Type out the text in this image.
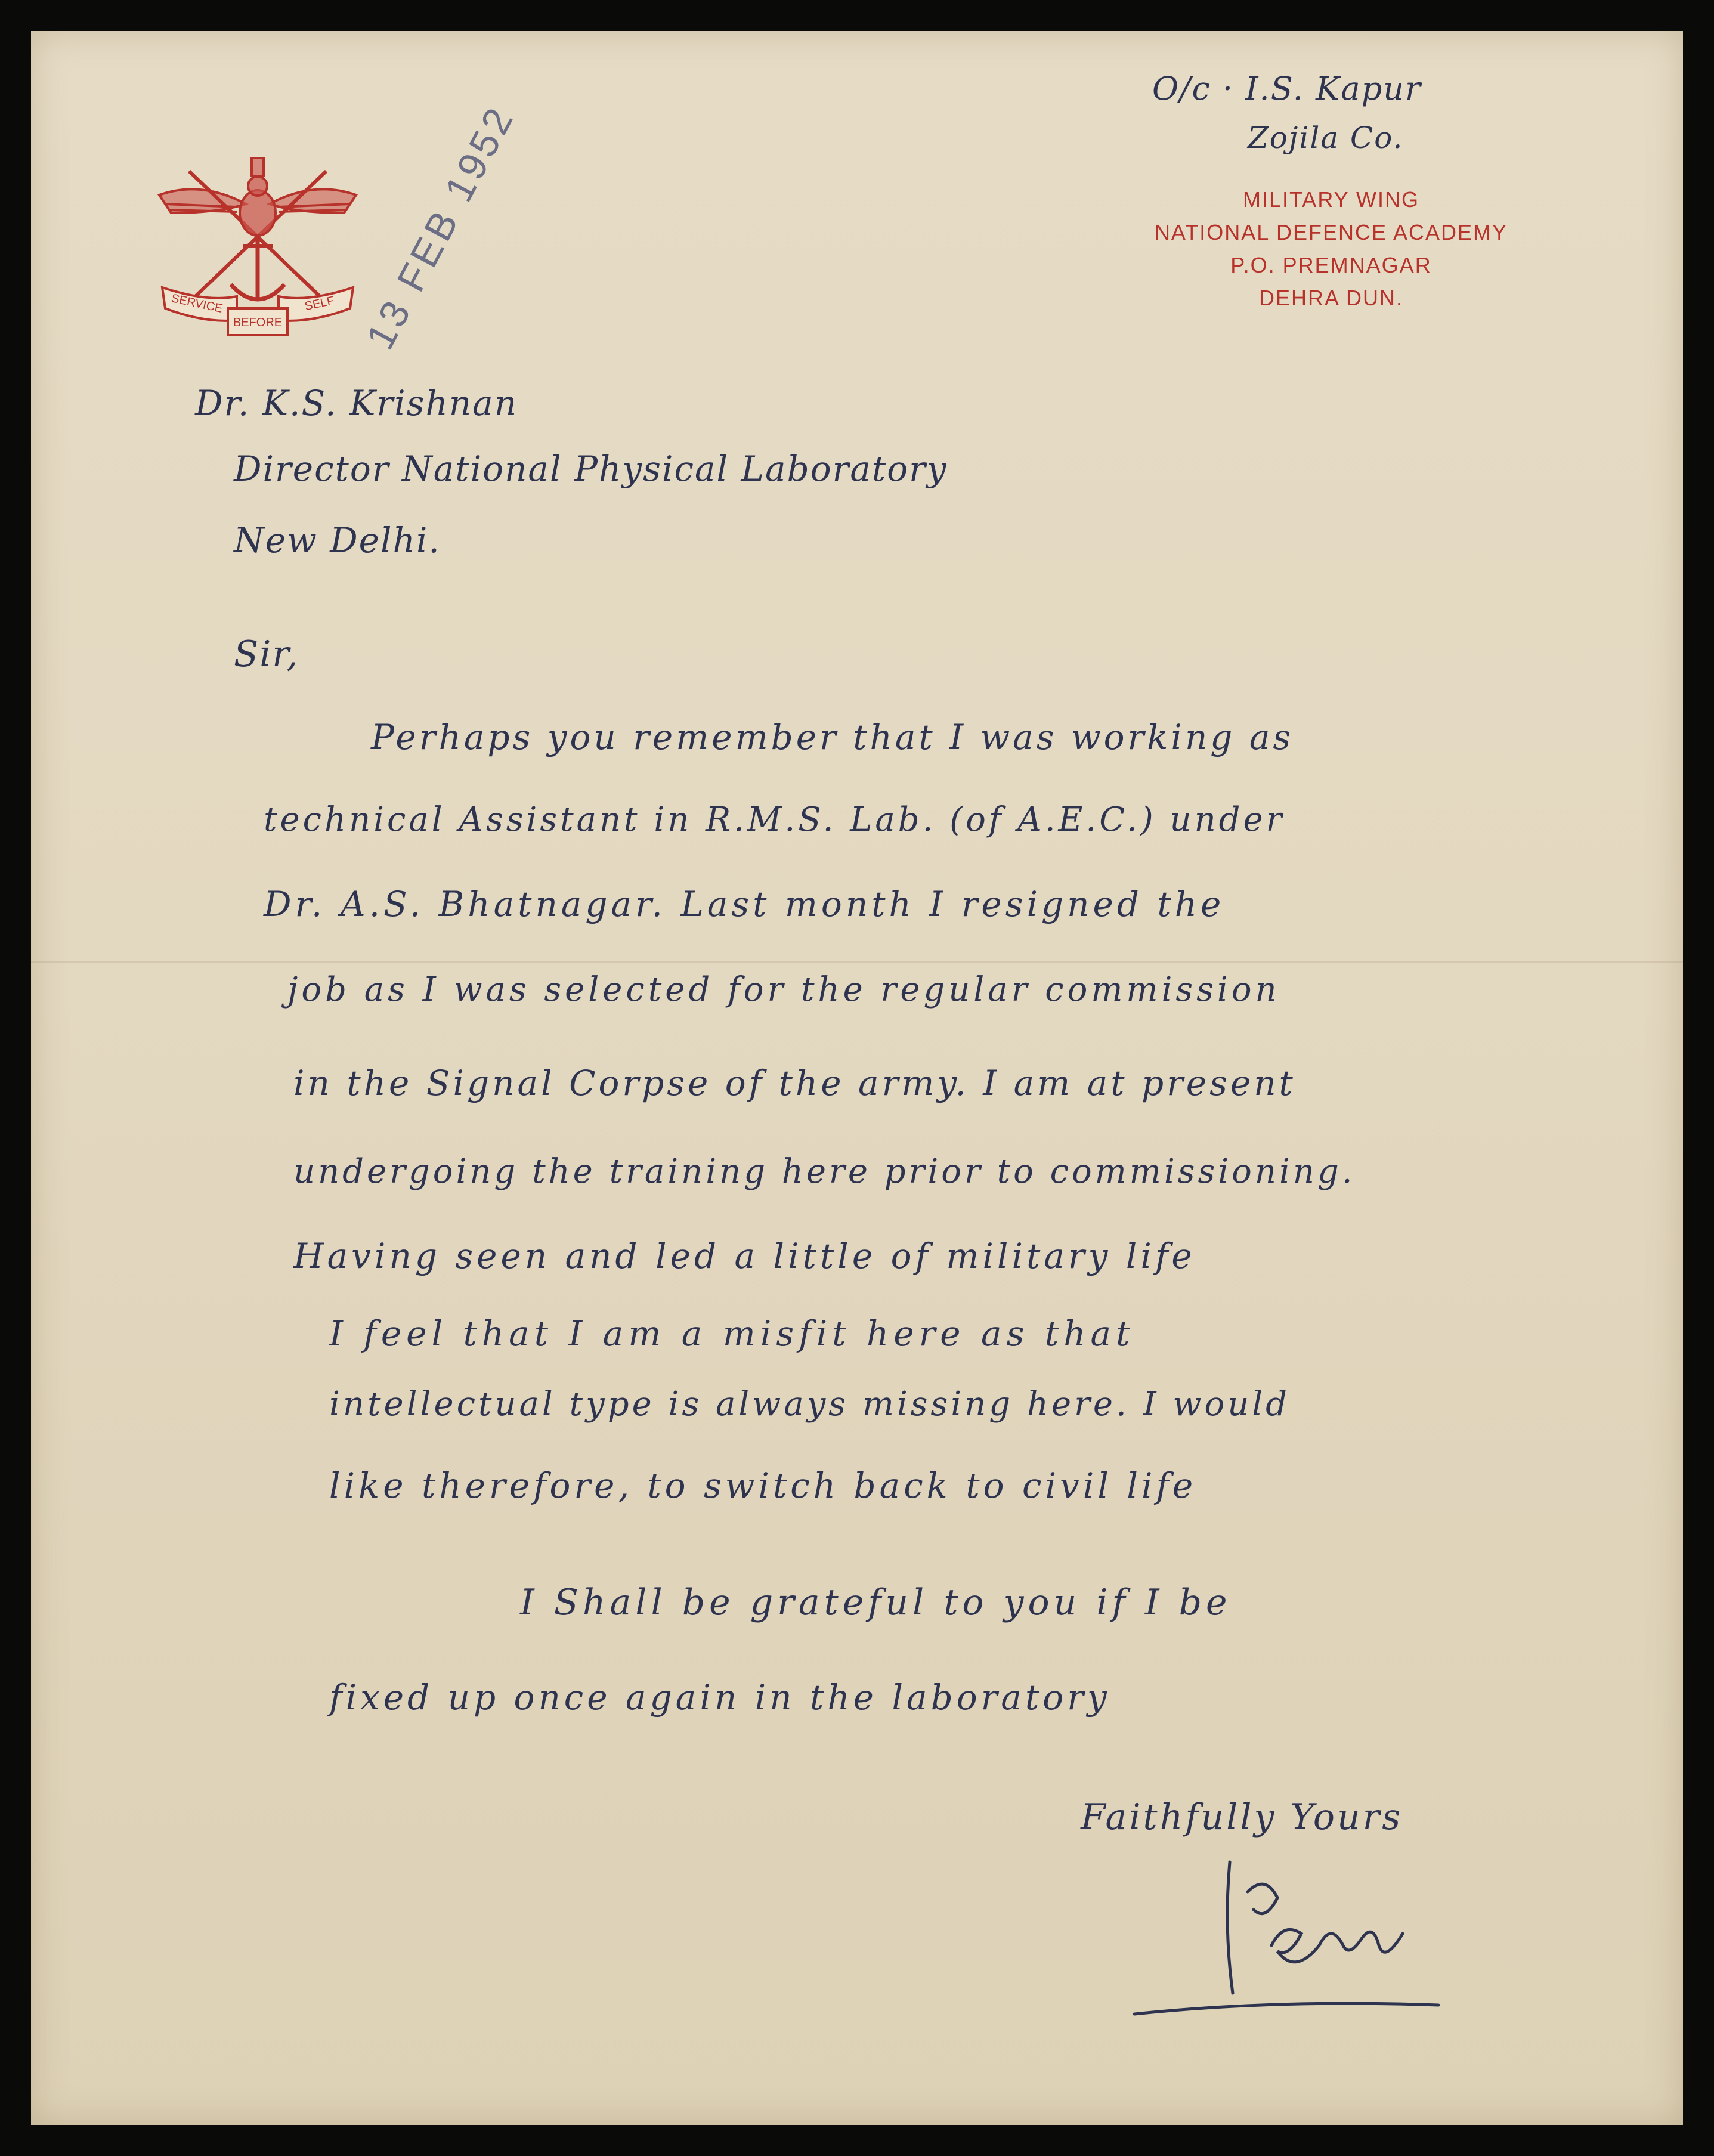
SERVICE
BEFORE
SELF 13 FEB 1952
O/c · I.S. Kapur
Zojila Co.
MILITARY WING
NATIONAL DEFENCE ACADEMY
P.O. PREMNAGAR
DEHRA DUN.
Dr. K.S. Krishnan
Director National Physical Laboratory
New Delhi.
Sir,
Perhaps you remember that I was working as
technical Assistant in R.M.S. Lab. (of A.E.C.) under
Dr. A.S. Bhatnagar. Last month I resigned the
job as I was selected for the regular commission
in the Signal Corpse of the army. I am at present
undergoing the training here prior to commissioning.
Having seen and led a little of military life
I feel that I am a misfit here as that
intellectual type is always missing here. I would
like therefore, to switch back to civil life
I Shall be grateful to you if I be
fixed up once again in the laboratory
Faithfully Yours
